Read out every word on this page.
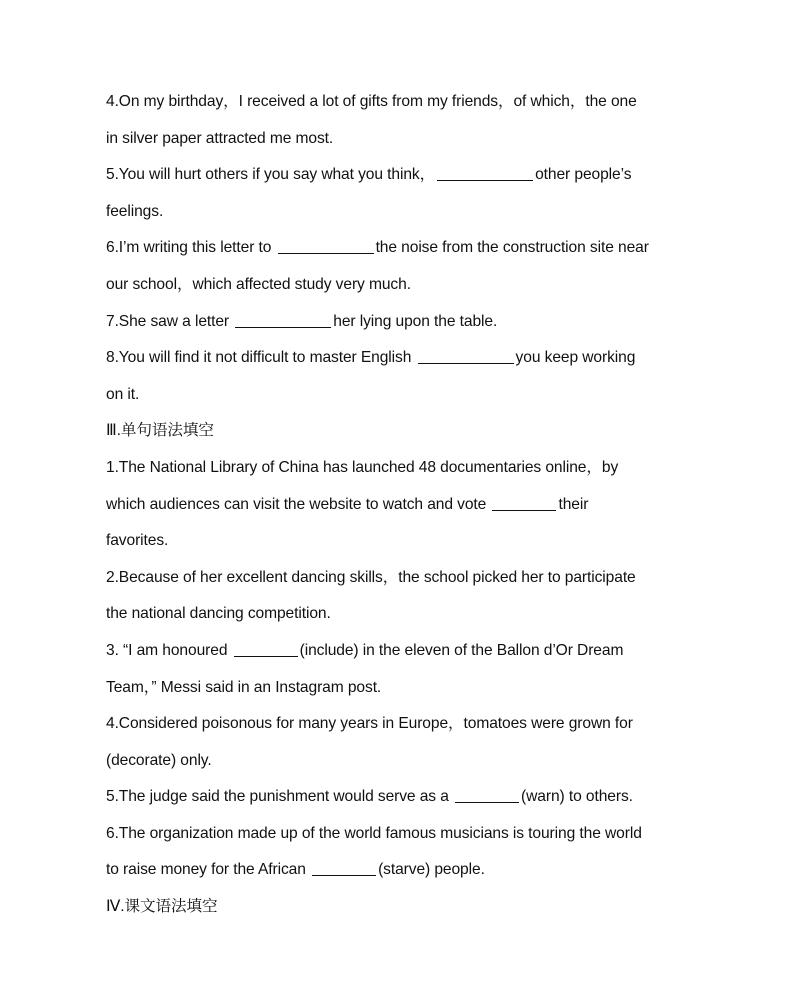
4.On my birthday，I received a lot of gifts from my friends，of which，the one
in silver paper attracted me most.
5.You will hurt others if you say what you think，	other people’s
feelings.
6.I’m writing this letter to	the noise from the construction site near
our school，which affected study very much.
7.She saw a letter	her lying upon the table.
8.You will find it not difficult to master English	you keep working
on it.
Ⅲ.单句语法填空
1.The National Library of China has launched 48 documentaries online，by
which audiences can visit the website to watch and vote	their
favorites.
2.Because of her excellent dancing skills，the school picked her to participate
the national dancing competition.
3. “I am honoured	(include) in the eleven of the Ballon d’Or Dream
Team，” Messi said in an Instagram post.
4.Considered poisonous for many years in Europe，tomatoes were grown for
(decorate) only.
5.The judge said the punishment would serve as a	(warn) to others.
6.The organization made up of the world famous musicians is touring the world
to raise money for the African	(starve) people.
Ⅳ.课文语法填空
